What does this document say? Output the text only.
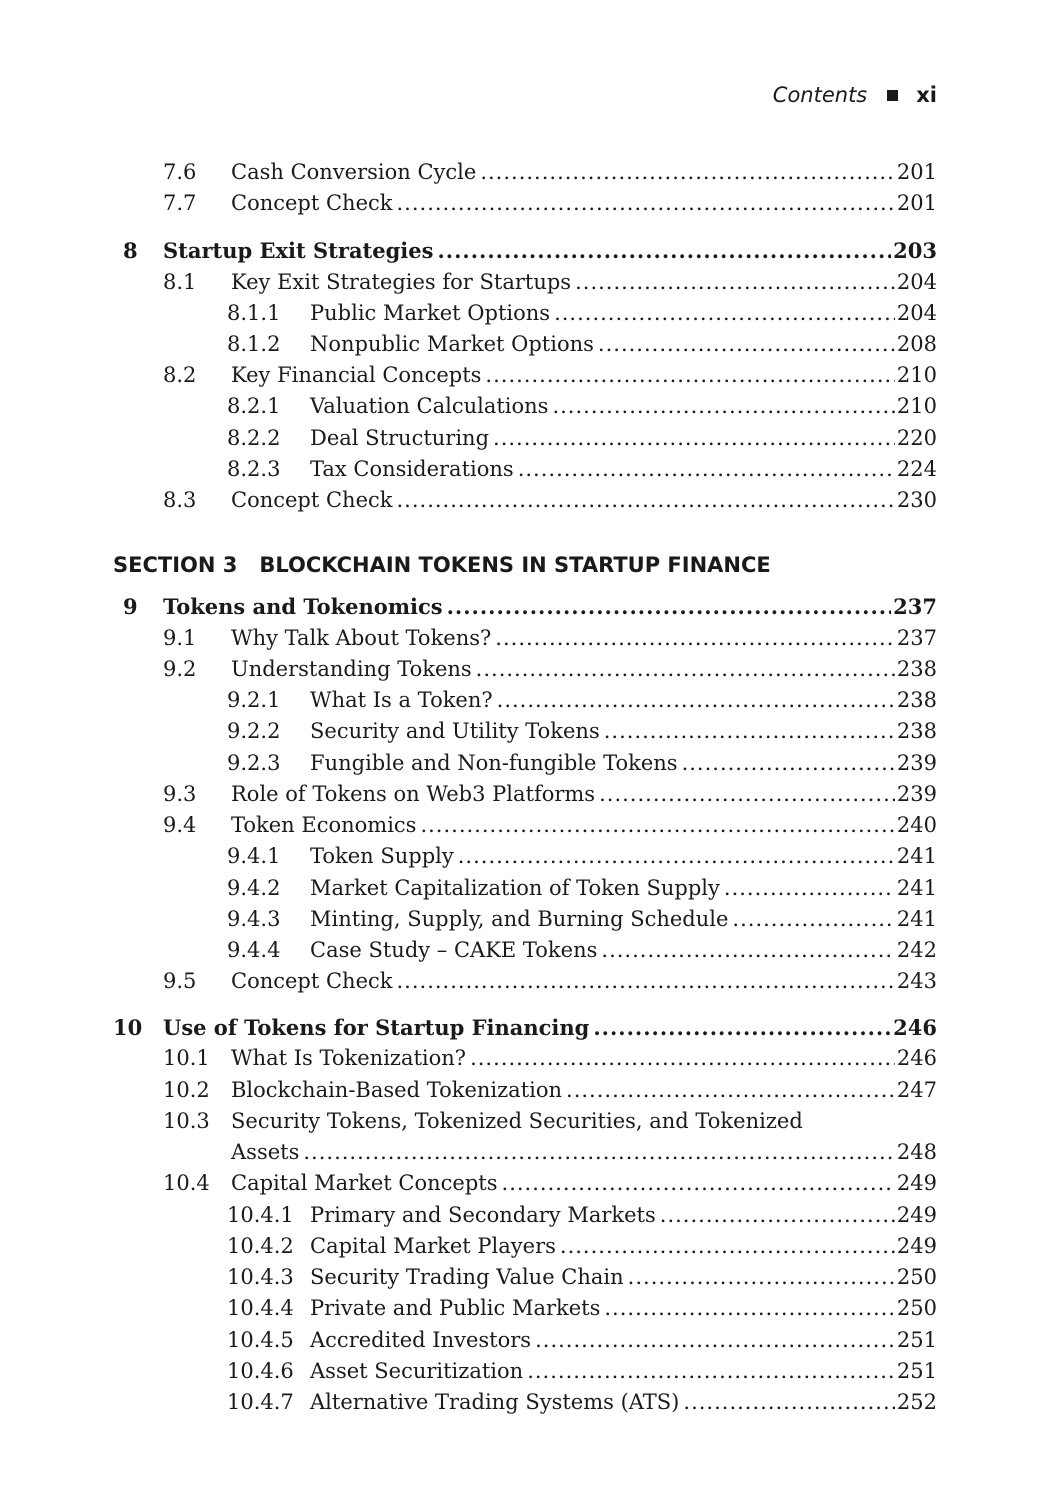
Contents xi
7.6 Cash Conversion Cycle .....	201
7.7 Concept Check .....	201
8 Startup Exit Strategies .....	203
8.1 Key Exit Strategies for Startups .....	204
8.1.1 Public Market Options .....	204
8.1.2 Nonpublic Market Options .....	208
8.2 Key Financial Concepts .....	210
8.2.1 Valuation Calculations .....	210
8.2.2 Deal Structuring .....	220
8.2.3 Tax Considerations .....	224
8.3 Concept Check .....	230
SECTION 3 BLOCKCHAIN TOKENS IN STARTUP FINANCE
9 Tokens and Tokenomics .....	237
9.1 Why Talk About Tokens? .....	237
9.2 Understanding Tokens .....	238
9.2.1 What Is a Token? .....	238
9.2.2 Security and Utility Tokens .....	238
9.2.3 Fungible and Non-fungible Tokens .....	239
9.3 Role of Tokens on Web3 Platforms .....	239
9.4 Token Economics .....	240
9.4.1 Token Supply .....	241
9.4.2 Market Capitalization of Token Supply .....	241
9.4.3 Minting, Supply, and Burning Schedule .....	241
9.4.4 Case Study – CAKE Tokens .....	242
9.5 Concept Check .....	243
10 Use of Tokens for Startup Financing .....	246
10.1 What Is Tokenization? .....	246
10.2 Blockchain-Based Tokenization .....	247
10.3 Security Tokens, Tokenized Securities, and Tokenized
Assets .....	248
10.4 Capital Market Concepts .....	249
10.4.1 Primary and Secondary Markets .....	249
10.4.2 Capital Market Players .....	249
10.4.3 Security Trading Value Chain .....	250
10.4.4 Private and Public Markets .....	250
10.4.5 Accredited Investors .....	251
10.4.6 Asset Securitization .....	251
10.4.7 Alternative Trading Systems (ATS) .....	252
